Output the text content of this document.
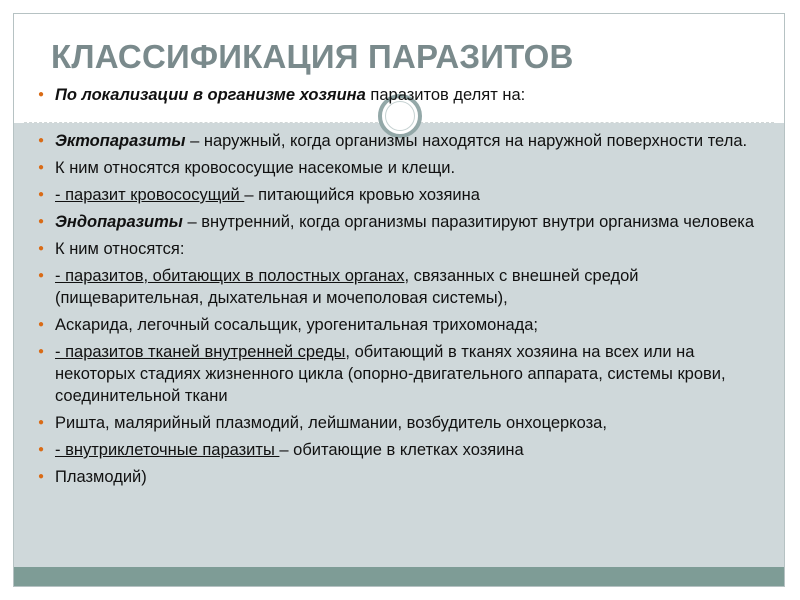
КЛАССИФИКАЦИЯ ПАРАЗИТОВ
● По локализации в организме хозяина паразитов делят на:
● Эктопаразиты – наружный, когда организмы находятся на наружной поверхности тела.
● К ним относятся кровососущие насекомые и клещи.
● - паразит кровососущий – питающийся кровью хозяина
● Эндопаразиты – внутренний, когда организмы паразитируют внутри организма человека
● К ним относятся:
● - паразитов, обитающих в полостных органах, связанных с внешней средой (пищеварительная, дыхательная и мочеполовая системы),
● Аскарида, легочный сосальщик, урогенитальная трихомонада;
● - паразитов тканей внутренней среды, обитающий в тканях хозяина на всех или на некоторых стадиях жизненного цикла (опорно-двигательного аппарата, системы крови, соединительной ткани
● Ришта, малярийный плазмодий, лейшмании, возбудитель онхоцеркоза,
● - внутриклеточные паразиты – обитающие в клетках хозяина
● Плазмодий)
